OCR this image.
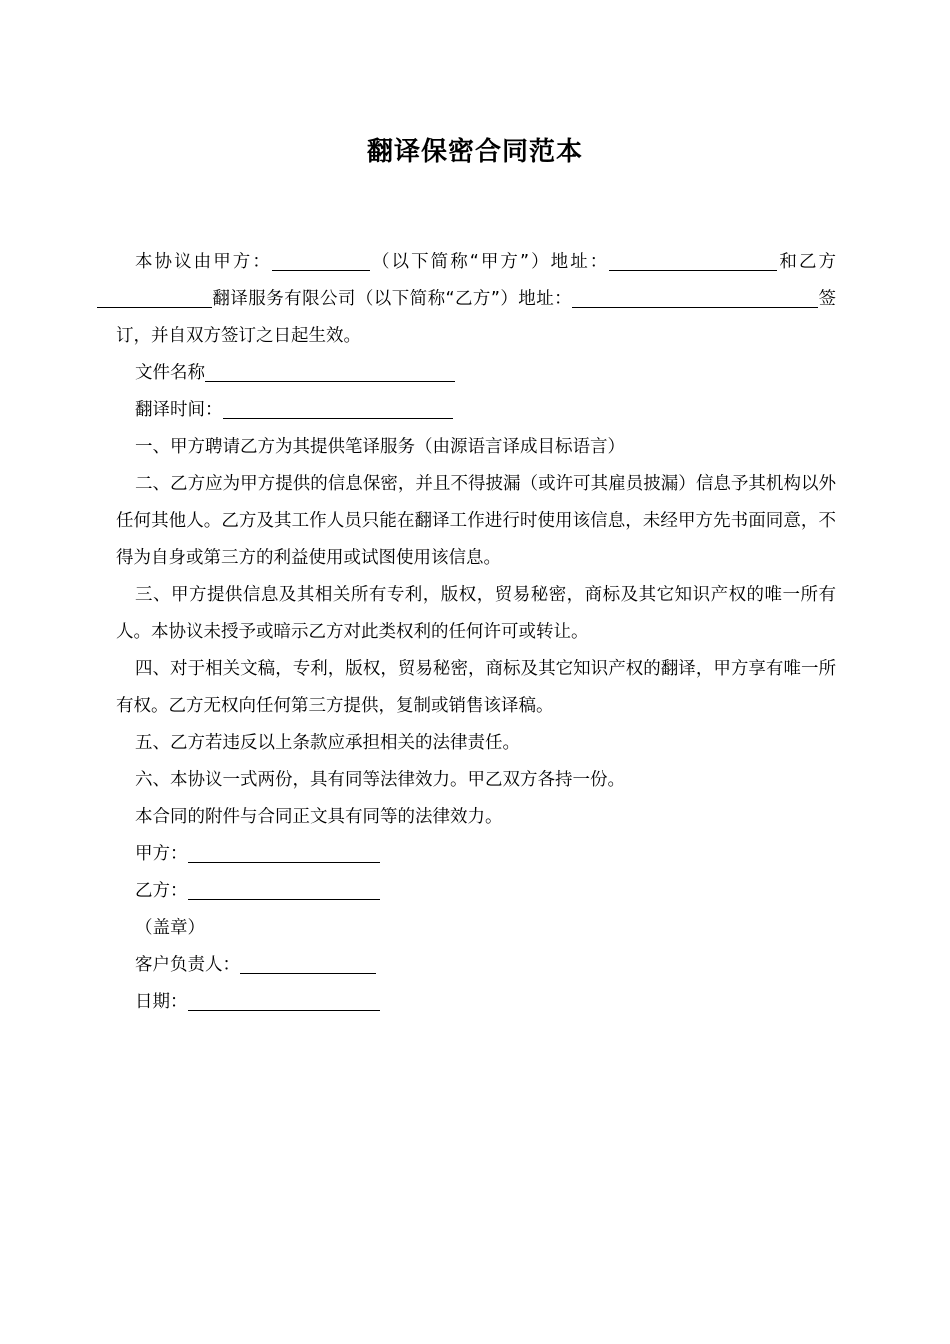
翻译保密合同范本

本协议由甲方：	（以下简称“甲方”）地址：	和乙方翻译服务有限公司（以下简称“乙方”）地址：	签订，并自双方签订之日起生效。

文件名称

翻译时间：

一、甲方聘请乙方为其提供笔译服务（由源语言译成目标语言）

二、乙方应为甲方提供的信息保密，并且不得披漏（或许可其雇员披漏）信息予其机构以外任何其他人。乙方及其工作人员只能在翻译工作进行时使用该信息，未经甲方先书面同意，不得为自身或第三方的利益使用或试图使用该信息。

三、甲方提供信息及其相关所有专利，版权，贸易秘密，商标及其它知识产权的唯一所有人。本协议未授予或暗示乙方对此类权利的任何许可或转让。

四、对于相关文稿，专利，版权，贸易秘密，商标及其它知识产权的翻译，甲方享有唯一所有权。乙方无权向任何第三方提供，复制或销售该译稿。

五、乙方若违反以上条款应承担相关的法律责任。

六、本协议一式两份，具有同等法律效力。甲乙双方各持一份。

本合同的附件与合同正文具有同等的法律效力。

甲方：

乙方：

（盖章）

客户负责人：

日期：
